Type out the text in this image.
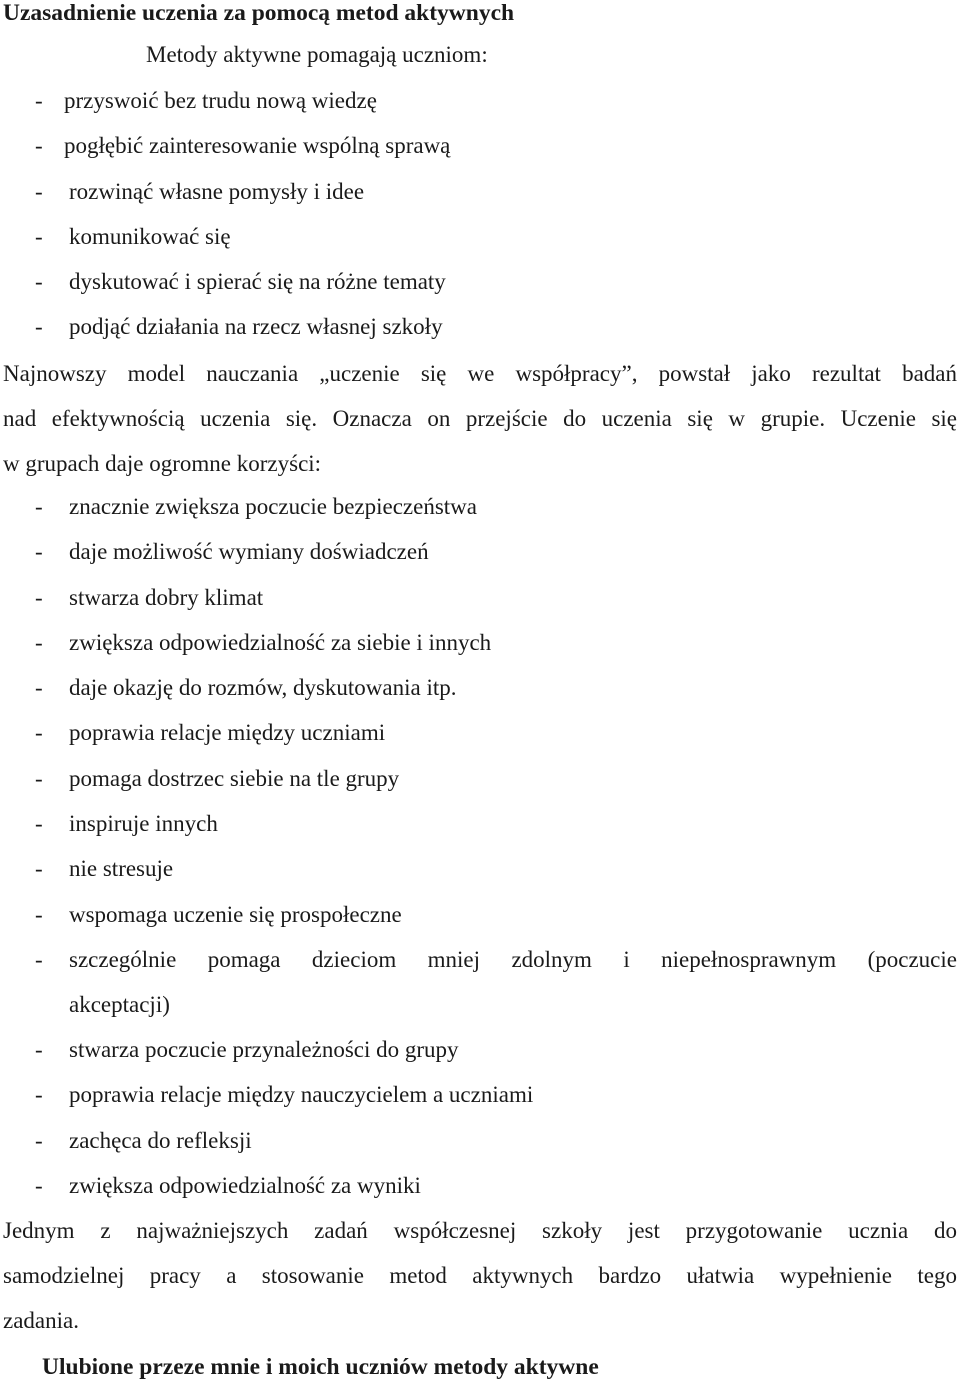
Uzasadnienie uczenia za pomocą metod aktywnych
Metody aktywne pomagają uczniom:
- przyswoić bez trudu nową wiedzę
- pogłębić zainteresowanie wspólną sprawą
- rozwinąć własne pomysły i idee
- komunikować się
- dyskutować i spierać się na różne tematy
- podjąć działania na rzecz własnej szkoły
Najnowszy model nauczania „uczenie się we współpracy”, powstał jako rezultat badań
nad efektywnością uczenia się. Oznacza on przejście do uczenia się w grupie. Uczenie się
w grupach daje ogromne korzyści:
- znacznie zwiększa poczucie bezpieczeństwa
- daje możliwość wymiany doświadczeń
- stwarza dobry klimat
- zwiększa odpowiedzialność za siebie i innych
- daje okazję do rozmów, dyskutowania itp.
- poprawia relacje między uczniami
- pomaga dostrzec siebie na tle grupy
- inspiruje innych
- nie stresuje
- wspomaga uczenie się prospołeczne
- szczególnie pomaga dzieciom mniej zdolnym i niepełnosprawnym (poczucie
akceptacji)
- stwarza poczucie przynależności do grupy
- poprawia relacje między nauczycielem a uczniami
- zachęca do refleksji
- zwiększa odpowiedzialność za wyniki
Jednym z najważniejszych zadań współczesnej szkoły jest przygotowanie ucznia do
samodzielnej pracy a stosowanie metod aktywnych bardzo ułatwia wypełnienie tego
zadania.
Ulubione przeze mnie i moich uczniów metody aktywne
